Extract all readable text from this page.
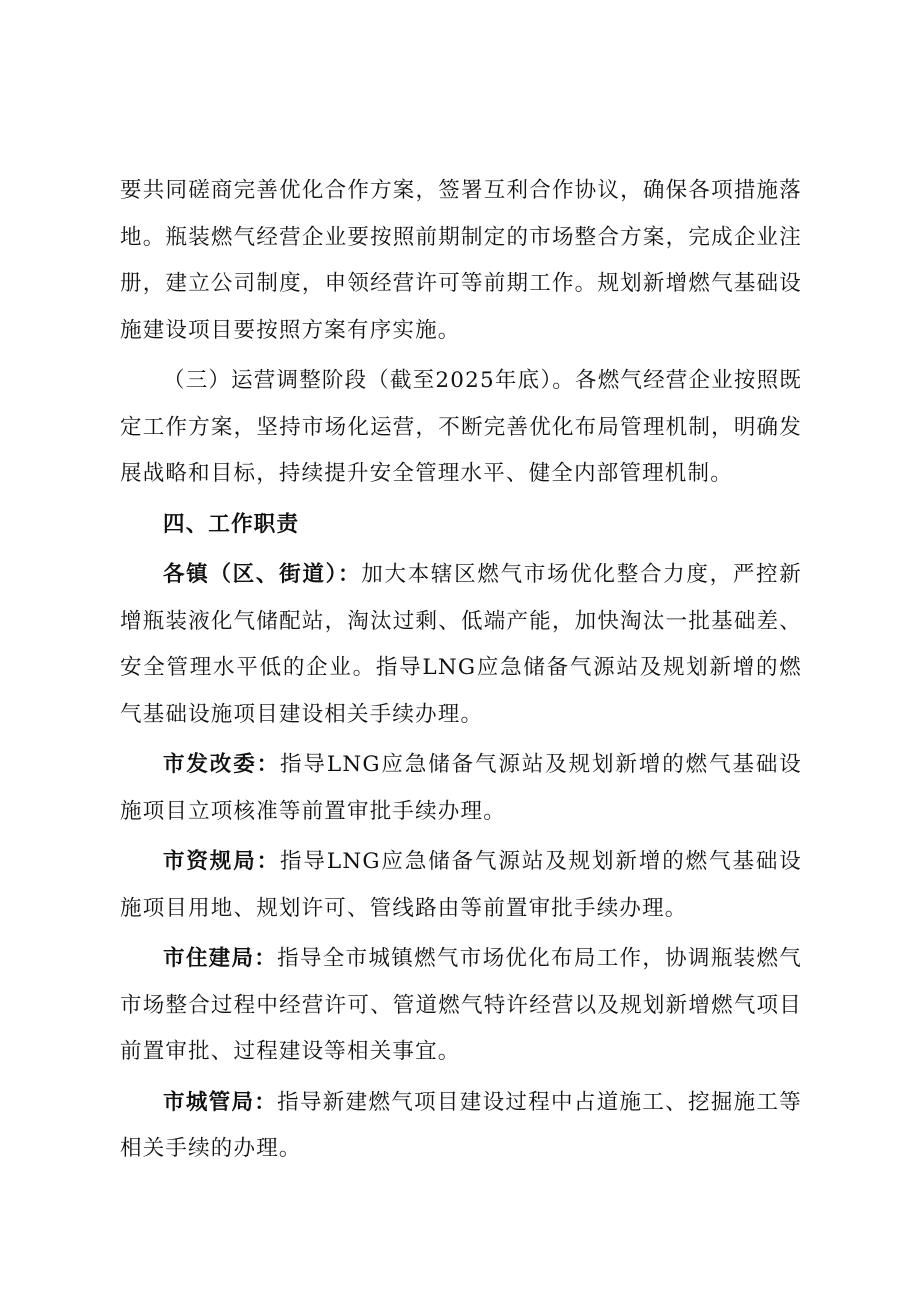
要共同磋商完善优化合作方案，签署互利合作协议，确保各项措施落地。瓶装燃气经营企业要按照前期制定的市场整合方案，完成企业注册，建立公司制度，申领经营许可等前期工作。规划新增燃气基础设施建设项目要按照方案有序实施。

（三）运营调整阶段（截至2025年底）。各燃气经营企业按照既定工作方案，坚持市场化运营，不断完善优化布局管理机制，明确发展战略和目标，持续提升安全管理水平、健全内部管理机制。

四、工作职责

各镇（区、街道）：加大本辖区燃气市场优化整合力度，严控新增瓶装液化气储配站，淘汰过剩、低端产能，加快淘汰一批基础差、安全管理水平低的企业。指导LNG应急储备气源站及规划新增的燃气基础设施项目建设相关手续办理。

市发改委：指导LNG应急储备气源站及规划新增的燃气基础设施项目立项核准等前置审批手续办理。

市资规局：指导LNG应急储备气源站及规划新增的燃气基础设施项目用地、规划许可、管线路由等前置审批手续办理。

市住建局：指导全市城镇燃气市场优化布局工作，协调瓶装燃气市场整合过程中经营许可、管道燃气特许经营以及规划新增燃气项目前置审批、过程建设等相关事宜。

市城管局：指导新建燃气项目建设过程中占道施工、挖掘施工等相关手续的办理。
